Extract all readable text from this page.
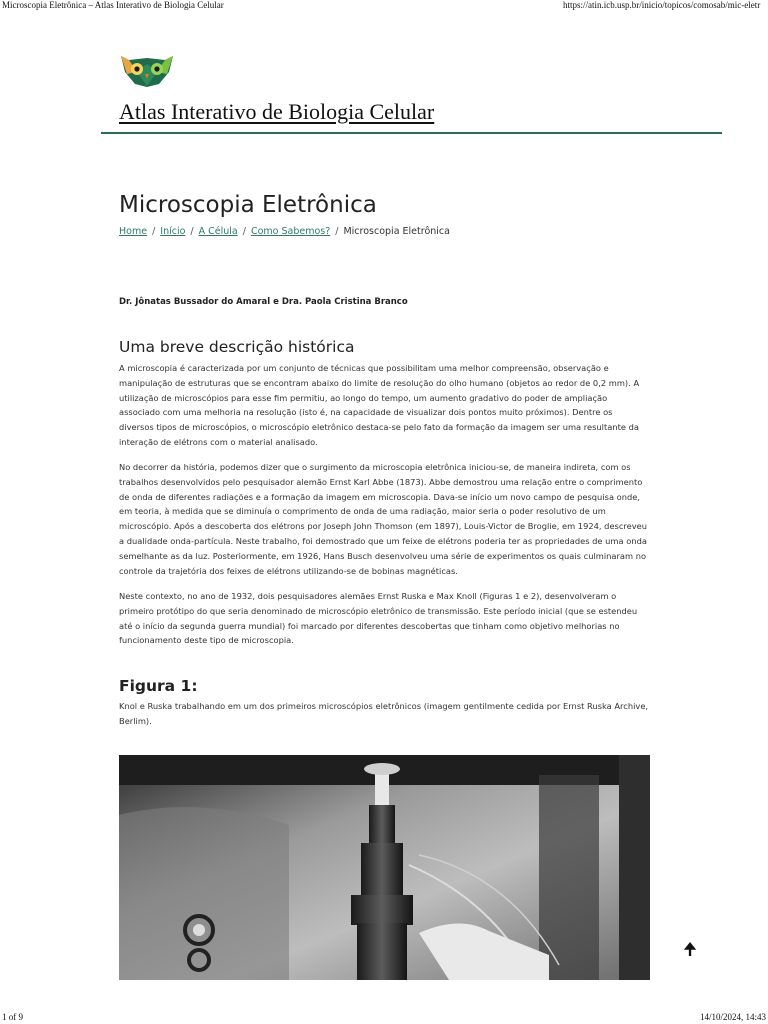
Microscopia Eletrônica – Atlas Interativo de Biologia Celular	https://atin.icb.usp.br/inicio/topicos/comosab/mic-eletr
Atlas Interativo de Biologia Celular
Microscopia Eletrônica
Home / Início / A Célula / Como Sabemos? / Microscopia Eletrônica
Dr. Jônatas Bussador do Amaral e Dra. Paola Cristina Branco
Uma breve descrição histórica

A microscopia é caracterizada por um conjunto de técnicas que possibilitam uma melhor compreensão, observação e manipulação de estruturas que se encontram abaixo do limite de resolução do olho humano (objetos ao redor de 0,2 mm). A utilização de microscópios para esse fim permitiu, ao longo do tempo, um aumento gradativo do poder de ampliação associado com uma melhoria na resolução (isto é, na capacidade de visualizar dois pontos muito próximos). Dentre os diversos tipos de microscópios, o microscópio eletrônico destaca-se pelo fato da formação da imagem ser uma resultante da interação de elétrons com o material analisado.

No decorrer da história, podemos dizer que o surgimento da microscopia eletrônica iniciou-se, de maneira indireta, com os trabalhos desenvolvidos pelo pesquisador alemão Ernst Karl Abbe (1873). Abbe demostrou uma relação entre o comprimento de onda de diferentes radiações e a formação da imagem em microscopia. Dava-se início um novo campo de pesquisa onde, em teoria, à medida que se diminuía o comprimento de onda de uma radiação, maior seria o poder resolutivo de um microscópio. Após a descoberta dos elétrons por Joseph John Thomson (em 1897), Louis-Victor de Broglie, em 1924, descreveu a dualidade onda-partícula. Neste trabalho, foi demostrado que um feixe de elétrons poderia ter as propriedades de uma onda semelhante as da luz. Posteriormente, em 1926, Hans Busch desenvolveu uma série de experimentos os quais culminaram no controle da trajetória dos feixes de elétrons utilizando-se de bobinas magnéticas.

Neste contexto, no ano de 1932, dois pesquisadores alemães Ernst Ruska e Max Knoll (Figuras 1 e 2), desenvolveram o primeiro protótipo do que seria denominado de microscópio eletrônico de transmissão. Este período inicial (que se estendeu até o início da segunda guerra mundial) foi marcado por diferentes descobertas que tinham como objetivo melhorias no funcionamento deste tipo de microscopia.

Figura 1:

Knol e Ruska trabalhando em um dos primeiros microscópios eletrônicos (imagem gentilmente cedida por Ernst Ruska Archive, Berlim).

🠉
1 of 9	14/10/2024, 14:43
